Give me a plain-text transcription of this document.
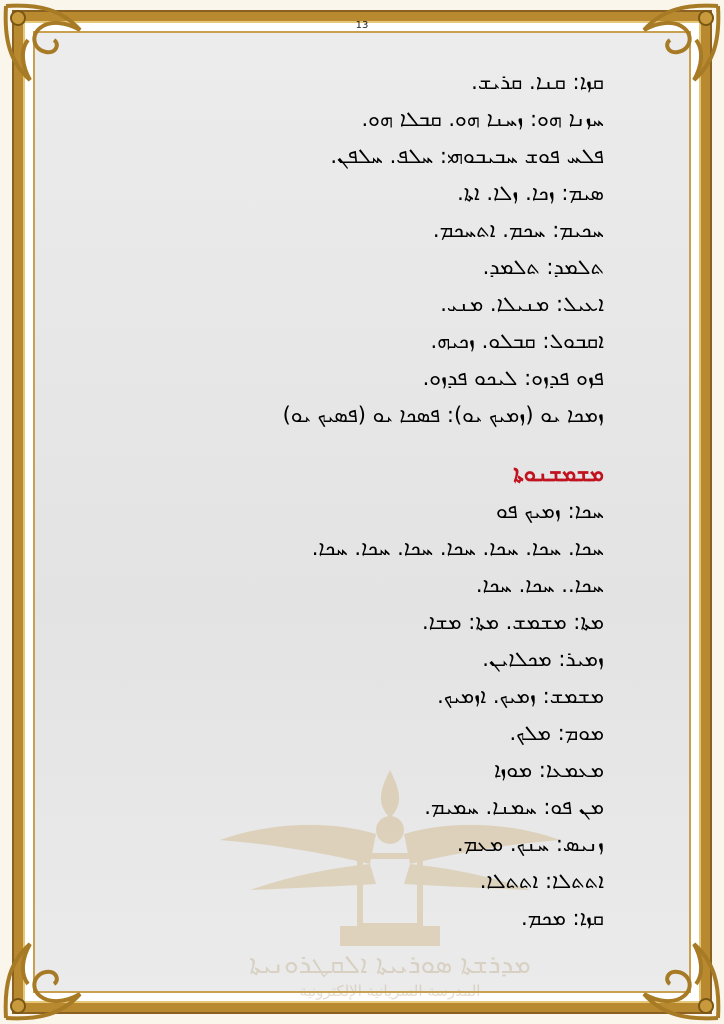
13
ܡܕܪܫܬܐ ܣܘܪܝܝܬܐ ܐܠܩܛܪܘܢܝܬܐ
المدرسة السريانية الإلكترونية
ܩܙܐ: ܩܢܐ. ܩܪܝܫ.
ܚܙܢܐ ܗܘ: ܙܚܢܐ ܗܘ. ܩܒܠܐ ܗܘ.
ܦܠܚ ܦܘܫ ܚܒܝܒܘܗܝ: ܚܠܦ. ܚܠܦܢ.
ܣܝܡ: ܙܟܐ. ܙܠܐ. ܐܬܐ.
ܚܟܝܡ: ܚܟܡ. ܐܬܚܟܡ.
ܬܠܡܕ: ܬܠܡܕ.
ܐܥܝܠ: ܡܢܝܠܐ. ܡܢܝ.
ܐܩܒܘܠ: ܩܒܠܘ. ܙܟܝܗ.
ܦܙܘ ܦܕܙܘ: ܠܝܟܘ ܦܕܙܘ.
ܙܡܟܐ ܝܘ (ܙܡܝܟ ܝܘ): ܦܣܟܐ ܝܘ (ܦܣܝܟ ܝܘ)
ܡܫܡܫܢܘܬܐ
ܚܟܐ: ܙܡܝܟ ܦܘ
ܚܟܐ. ܚܟܐ. ܚܟܐ. ܚܟܐ. ܚܟܐ. ܚܟܐ. ܚܟܐ.
ܚܟܐ.. ܚܟܐ. ܚܟܐ.
ܡܬܐ: ܡܫܡܫ. ܡܬܐ: ܡܫܐ.
ܙܡܝܪ: ܡܟܠܐܝܢ.
ܡܫܡܫ: ܙܡܝܟ. ܐܙܡܝܟ.
ܡܘܡ: ܡܠܟ.
ܡܥܡܥܐ: ܡܘܙܐ
ܡܢ ܦܘ: ܚܡܢܐ. ܚܡܝܡ.
ܙܢܝܣ: ܚܢܟ. ܡܥܡ.
ܐܬܬܠܐ: ܐܬܬܠܐ.
ܩܙܐ: ܡܟܡ.
